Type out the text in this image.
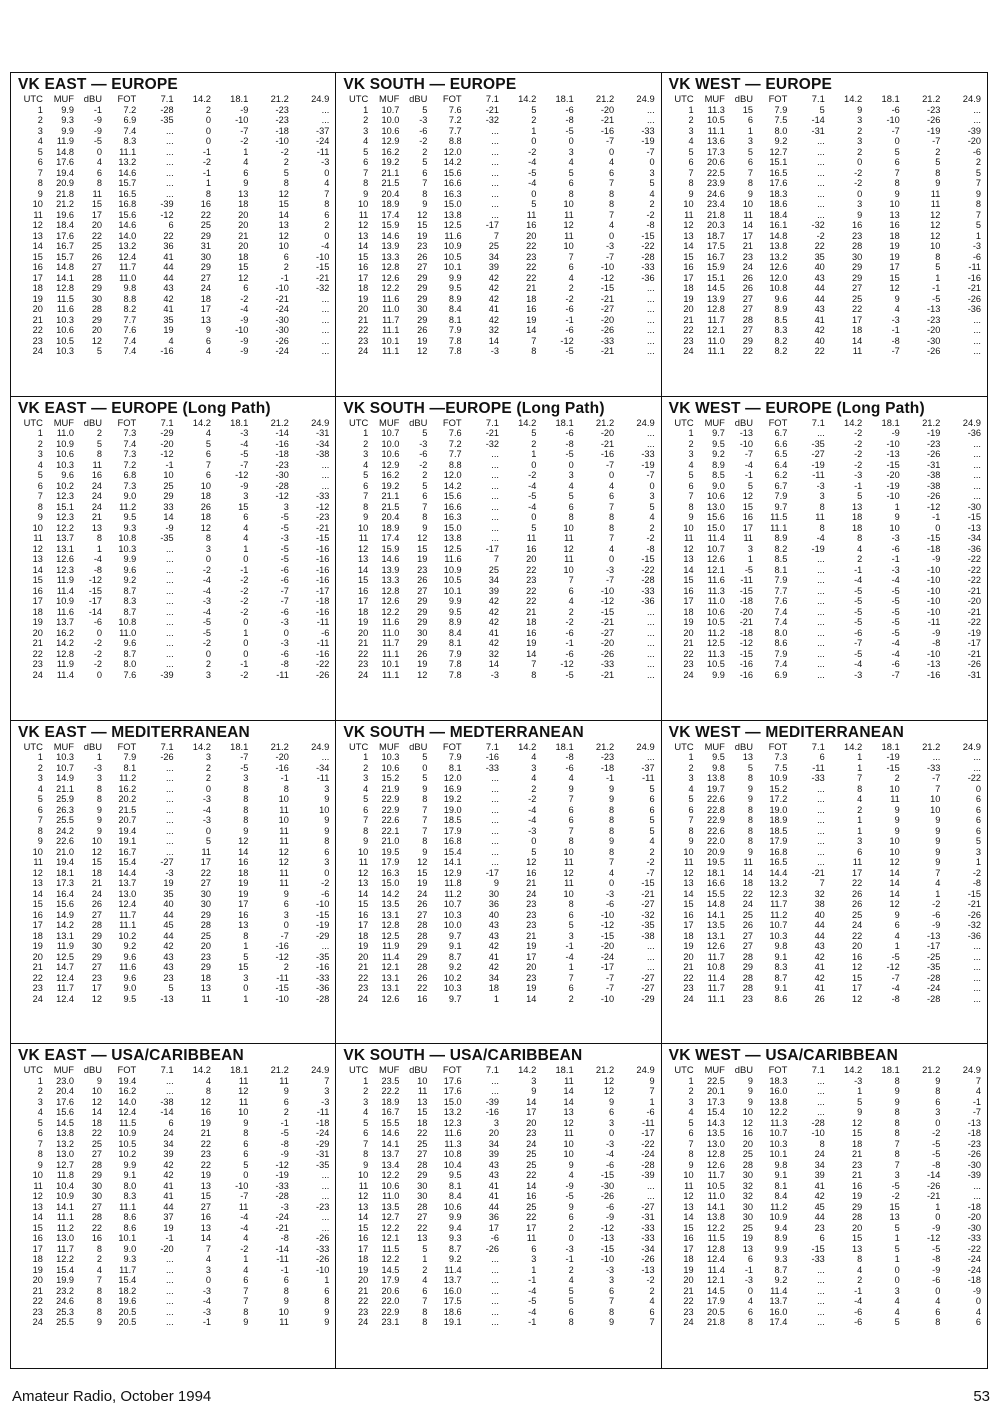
VK EAST — EUROPE
UTC	MUF	dBU	FOT	7.1	14.2	18.1	21.2	24.9
1	9.9	-1	7.2	-28	2	-9	-23	...
2	9.3	-9	6.9	-35	0	-10	-23	...
3	9.9	-9	7.4	...	0	-7	-18	-37
4	11.9	-5	8.3	...	0	-2	-10	-24
5	14.8	0	11.1	...	-1	1	-2	-11
6	17.6	4	13.2	...	-2	4	2	-3
7	19.4	6	14.6	...	-1	6	5	0
8	20.9	8	15.7	...	1	9	8	4
9	21.8	11	16.5	...	8	13	12	7
10	21.2	15	16.8	-39	16	18	15	8
11	19.6	17	15.6	-12	22	20	14	6
12	18.4	20	14.6	6	25	20	13	2
13	17.6	22	14.0	22	29	21	12	0
14	16.7	25	13.2	36	31	20	10	-4
15	15.7	26	12.4	41	30	18	6	-10
16	14.8	27	11.7	44	29	15	2	-15
17	14.1	28	11.0	44	27	12	-1	-21
18	12.8	29	9.8	43	24	6	-10	-32
19	11.5	30	8.8	42	18	-2	-21	...
20	11.6	28	8.2	41	17	-4	-24	...
21	10.3	29	7.7	35	13	-9	-30	...
22	10.6	20	7.6	19	9	-10	-30	...
23	10.5	12	7.4	4	6	-9	-26	...
24	10.3	5	7.4	-16	4	-9	-24	...
VK SOUTH — EUROPE
UTC	MUF	dBU	FOT	7.1	14.2	18.1	21.2	24.9
1	10.7	5	7.6	-21	5	-6	-20	...
2	10.0	-3	7.2	-32	2	-8	-21	...
3	10.6	-6	7.7	...	1	-5	-16	-33
4	12.9	-2	8.8	...	0	0	-7	-19
5	16.2	2	12.0	...	-2	3	0	-7
6	19.2	5	14.2	...	-4	4	4	0
7	21.1	6	15.6	...	-5	5	6	3
8	21.5	7	16.6	...	-4	6	7	5
9	20.4	8	16.3	...	0	8	8	4
10	18.9	9	15.0	...	5	10	8	2
11	17.4	12	13.8	...	11	11	7	-2
12	15.9	15	12.5	-17	16	12	4	-8
13	14.6	19	11.6	7	20	11	0	-15
14	13.9	23	10.9	25	22	10	-3	-22
15	13.3	26	10.5	34	23	7	-7	-28
16	12.8	27	10.1	39	22	6	-10	-33
17	12.6	29	9.9	42	22	4	-12	-36
18	12.2	29	9.5	42	21	2	-15	...
19	11.6	29	8.9	42	18	-2	-21	...
20	11.0	30	8.4	41	16	-6	-27	...
21	11.7	29	8.1	42	19	-1	-20	...
22	11.1	26	7.9	32	14	-6	-26	...
23	10.1	19	7.8	14	7	-12	-33	...
24	11.1	12	7.8	-3	8	-5	-21	...
VK WEST — EUROPE
UTC	MUF	dBU	FOT	7.1	14.2	18.1	21.2	24.9
1	11.3	15	7.9	5	9	-6	-23	...
2	10.5	6	7.5	-14	3	-10	-26	...
3	11.1	1	8.0	-31	2	-7	-19	-39
4	13.6	3	9.2	...	3	0	-7	-20
5	17.3	5	12.7	...	2	5	2	-6
6	20.6	6	15.1	...	0	6	5	2
7	22.5	7	16.5	...	-2	7	8	5
8	23.9	8	17.6	...	-2	8	9	7
9	24.6	9	18.3	...	0	9	11	9
10	23.4	10	18.6	...	3	10	11	8
11	21.8	11	18.4	...	9	13	12	7
12	20.3	14	16.1	-32	16	16	12	5
13	18.7	17	14.8	-2	23	18	12	1
14	17.5	21	13.8	22	28	19	10	-3
15	16.7	23	13.2	35	30	19	8	-6
16	15.9	24	12.6	40	29	17	5	-11
17	15.1	26	12.0	43	29	15	1	-16
18	14.5	26	10.8	44	27	12	-1	-21
19	13.9	27	9.6	44	25	9	-5	-26
20	12.8	27	8.9	43	22	4	-13	-36
21	11.7	28	8.5	41	17	-3	-23	...
22	12.1	27	8.3	42	18	-1	-20	...
23	11.0	29	8.2	40	14	-8	-30	...
24	11.1	22	8.2	22	11	-7	-26	...
VK EAST — EUROPE (Long Path)
UTC	MUF	dBU	FOT	7.1	14.2	18.1	21.2	24.9
1	11.0	2	7.3	-29	4	-3	-14	-31
2	10.9	5	7.4	-20	5	-4	-16	-34
3	10.6	8	7.3	-12	6	-5	-18	-38
4	10.3	11	7.2	-1	7	-7	-23	...
5	9.6	16	6.8	10	6	-12	-30	...
6	10.2	24	7.3	25	10	-9	-28	...
7	12.3	24	9.0	29	18	3	-12	-33
8	15.1	24	11.2	33	26	15	3	-12
9	12.3	21	9.5	14	18	6	-5	-23
10	12.2	13	9.3	-9	12	4	-5	-21
11	13.7	8	10.8	-35	8	4	-3	-15
12	13.1	1	10.3	...	3	1	-5	-16
13	12.6	-4	9.9	...	0	0	-5	-16
14	12.3	-8	9.6	...	-2	-1	-6	-16
15	11.9	-12	9.2	...	-4	-2	-6	-16
16	11.4	-15	8.7	...	-4	-2	-7	-17
17	10.9	-17	8.3	...	-3	-2	-7	-18
18	11.6	-14	8.7	...	-4	-2	-6	-16
19	13.7	-6	10.8	...	-5	0	-3	-11
20	16.2	0	11.0	...	-5	1	0	-6
21	14.2	-2	9.6	...	-2	0	-3	-11
22	12.8	-2	8.7	...	0	0	-6	-16
23	11.9	-2	8.0	...	2	-1	-8	-22
24	11.4	0	7.6	-39	3	-2	-11	-26
VK SOUTH —EUROPE (Long Path)
UTC	MUF	dBU	FOT	7.1	14.2	18.1	21.2	24.9
1	10.7	5	7.6	-21	5	-6	-20	...
2	10.0	-3	7.2	-32	2	-8	-21	...
3	10.6	-6	7.7	...	1	-5	-16	-33
4	12.9	-2	8.8	...	0	0	-7	-19
5	16.2	2	12.0	...	-2	3	0	-7
6	19.2	5	14.2	...	-4	4	4	0
7	21.1	6	15.6	...	-5	5	6	3
8	21.5	7	16.6	...	-4	6	7	5
9	20.4	8	16.3	...	0	8	8	4
10	18.9	9	15.0	...	5	10	8	2
11	17.4	12	13.8	...	11	11	7	-2
12	15.9	15	12.5	-17	16	12	4	-8
13	14.6	19	11.6	7	20	11	0	-15
14	13.9	23	10.9	25	22	10	-3	-22
15	13.3	26	10.5	34	23	7	-7	-28
16	12.8	27	10.1	39	22	6	-10	-33
17	12.6	29	9.9	42	22	4	-12	-36
18	12.2	29	9.5	42	21	2	-15	...
19	11.6	29	8.9	42	18	-2	-21	...
20	11.0	30	8.4	41	16	-6	-27	...
21	11.7	29	8.1	42	19	-1	-20	...
22	11.1	26	7.9	32	14	-6	-26	...
23	10.1	19	7.8	14	7	-12	-33	...
24	11.1	12	7.8	-3	8	-5	-21	...
VK WEST — EUROPE (Long Path)
UTC	MUF	dBU	FOT	7.1	14.2	18.1	21.2	24.9
1	9.7	-13	6.7	...	-2	-9	-19	-36
2	9.5	-10	6.6	-35	-2	-10	-23	...
3	9.2	-7	6.5	-27	-2	-13	-26	...
4	8.9	-4	6.4	-19	-2	-15	-31	...
5	8.5	-1	6.2	-11	-3	-20	-38	...
6	9.0	5	6.7	-3	-1	-19	-38	...
7	10.6	12	7.9	3	5	-10	-26	...
8	13.0	15	9.7	8	13	1	-12	-30
9	15.6	16	11.5	11	18	9	-1	-15
10	15.0	17	11.1	8	18	10	0	-13
11	11.4	11	8.9	-4	8	-3	-15	-34
12	10.7	3	8.2	-19	4	-6	-18	-36
13	12.6	1	8.5	...	2	-1	-9	-22
14	12.1	-5	8.1	...	-1	-3	-10	-22
15	11.6	-11	7.9	...	-4	-4	-10	-22
16	11.3	-15	7.7	...	-5	-5	-10	-21
17	11.0	-18	7.6	...	-5	-5	-10	-20
18	10.6	-20	7.4	...	-5	-5	-10	-21
19	10.5	-21	7.4	...	-5	-5	-11	-22
20	11.2	-18	8.0	...	-6	-5	-9	-19
21	12.5	-12	8.6	...	-7	-4	-8	-17
22	11.3	-15	7.9	...	-5	-4	-10	-21
23	10.5	-16	7.4	...	-4	-6	-13	-26
24	9.9	-16	6.9	...	-3	-7	-16	-31
VK EAST — MEDITERRANEAN
UTC	MUF	dBU	FOT	7.1	14.2	18.1	21.2	24.9
1	10.3	1	7.9	-26	3	-7	-20	...
2	10.7	-3	8.1	...	2	-5	-16	-34
3	14.9	3	11.2	...	2	3	-1	-11
4	21.1	8	16.2	...	0	8	8	3
5	25.9	8	20.2	...	-3	8	10	9
6	26.3	9	21.5	...	-4	8	11	10
7	25.5	9	20.7	...	-3	8	10	9
8	24.2	9	19.4	...	0	9	11	9
9	22.6	10	19.1	...	5	12	11	8
10	21.0	12	16.7	...	11	14	12	6
11	19.4	15	15.4	-27	17	16	12	3
12	18.1	18	14.4	-3	22	18	11	0
13	17.3	21	13.7	19	27	19	11	-2
14	16.4	24	13.0	35	30	19	9	-6
15	15.6	26	12.4	40	30	17	6	-10
16	14.9	27	11.7	44	29	16	3	-15
17	14.2	28	11.1	45	28	13	0	-19
18	13.1	29	10.2	44	25	8	-7	-29
19	11.9	30	9.2	42	20	1	-16	...
20	12.5	29	9.6	43	23	5	-12	-35
21	14.7	27	11.6	43	29	15	2	-16
22	12.4	23	9.6	23	18	3	-11	-33
23	11.7	17	9.0	5	13	0	-15	-36
24	12.4	12	9.5	-13	11	1	-10	-28
VK SOUTH — MEDTERRANEAN
UTC	MUF	dBU	FOT	7.1	14.2	18.1	21.2	24.9
1	10.3	5	7.9	-16	4	-8	-23	...
2	10.6	0	8.1	-33	3	-6	-18	-37
3	15.2	5	12.0	...	4	4	-1	-11
4	21.9	9	16.9	...	2	9	9	5
5	22.9	8	19.2	...	-2	7	9	6
6	22.9	7	19.0	...	-4	6	8	6
7	22.6	7	18.5	...	-4	6	8	5
8	22.1	7	17.9	...	-3	7	8	5
9	21.0	8	16.8	...	0	8	9	4
10	19.5	9	15.4	...	5	10	8	2
11	17.9	12	14.1	...	12	11	7	-2
12	16.3	15	12.9	-17	16	12	4	-7
13	15.0	19	11.8	9	21	11	0	-15
14	14.2	24	11.2	30	24	10	-3	-21
15	13.5	26	10.7	36	23	8	-6	-27
16	13.1	27	10.3	40	23	6	-10	-32
17	12.8	28	10.0	43	23	5	-12	-35
18	12.5	28	9.7	43	21	3	-15	-38
19	11.9	29	9.1	42	19	-1	-20	...
20	11.4	29	8.7	41	17	-4	-24	...
21	12.1	28	9.2	42	20	1	-17	...
22	13.1	26	10.2	34	23	7	-7	-27
23	13.1	22	10.3	18	19	6	-7	-27
24	12.6	16	9.7	1	14	2	-10	-29
VK WEST — MEDITERRANEAN
UTC	MUF	dBU	FOT	7.1	14.2	18.1	21.2	24.9
1	9.5	13	7.3	6	1	-19	...	...
2	9.8	5	7.5	-11	1	-15	-33	...
3	13.8	8	10.9	-33	7	2	-7	-22
4	19.7	9	15.2	...	8	10	7	0
5	22.6	9	17.2	...	4	11	10	6
6	22.8	8	19.0	...	2	9	10	6
7	22.9	8	18.9	...	1	9	9	6
8	22.6	8	18.5	...	1	9	9	6
9	22.0	8	17.9	...	3	10	9	5
10	20.9	9	16.8	...	6	10	9	3
11	19.5	11	16.5	...	11	12	9	1
12	18.1	14	14.4	-21	17	14	7	-2
13	16.6	18	13.2	7	22	14	4	-8
14	15.5	22	12.3	32	26	14	1	-15
15	14.8	24	11.7	38	26	12	-2	-21
16	14.1	25	11.2	40	25	9	-6	-26
17	13.5	26	10.7	44	24	6	-9	-32
18	13.1	27	10.3	44	22	4	-13	-36
19	12.6	27	9.8	43	20	1	-17	...
20	11.7	28	9.1	42	16	-5	-25	...
21	10.8	29	8.3	41	12	-12	-35	...
22	11.4	28	8.7	42	15	-7	-28	...
23	11.7	28	9.1	41	17	-4	-24	...
24	11.1	23	8.6	26	12	-8	-28	...
VK EAST — USA/CARIBBEAN
UTC	MUF	dBU	FOT	7.1	14.2	18.1	21.2	24.9
1	23.0	9	19.4	...	4	11	11	7
2	20.4	10	16.2	...	8	12	9	3
3	17.6	12	14.0	-38	12	11	6	-3
4	15.6	14	12.4	-14	16	10	2	-11
5	14.5	18	11.5	6	19	9	-1	-18
6	13.8	22	10.9	24	21	8	-5	-24
7	13.2	25	10.5	34	22	6	-8	-29
8	13.0	27	10.2	39	23	6	-9	-31
9	12.7	28	9.9	42	22	5	-12	-35
10	11.8	29	9.1	42	19	0	-19	...
11	10.4	30	8.0	41	13	-10	-33	...
12	10.9	30	8.3	41	15	-7	-28	...
13	14.1	27	11.1	44	27	11	-3	-23
14	11.1	28	8.6	37	16	-4	-24	...
15	11.2	22	8.6	19	13	-4	-21	...
16	13.0	16	10.1	-1	14	4	-8	-26
17	11.7	8	9.0	-20	7	-2	-14	-33
18	12.2	2	9.3	...	4	1	-11	-26
19	15.4	4	11.7	...	3	4	-1	-10
20	19.9	7	15.4	...	0	6	6	1
21	23.2	8	18.2	...	-3	7	8	6
22	24.6	8	19.6	...	-4	7	9	8
23	25.3	8	20.5	...	-3	8	10	9
24	25.5	9	20.5	...	-1	9	11	9
VK SOUTH — USA/CARIBBEAN
UTC	MUF	dBU	FOT	7.1	14.2	18.1	21.2	24.9
1	23.5	10	17.6	...	3	11	12	9
2	22.2	11	17.6	...	9	14	12	7
3	18.9	13	15.0	-39	14	14	9	1
4	16.7	15	13.2	-16	17	13	6	-6
5	15.5	18	12.3	3	20	12	3	-11
6	14.6	22	11.6	20	23	11	0	-17
7	14.1	25	11.3	34	24	10	-3	-22
8	13.7	27	10.8	39	25	10	-4	-24
9	13.4	28	10.4	43	25	9	-6	-28
10	12.2	29	9.5	43	22	4	-15	-39
11	10.6	30	8.1	41	14	-9	-30	...
12	11.0	30	8.4	41	16	-5	-26	...
13	13.5	28	10.6	44	25	9	-6	-27
14	12.7	27	9.9	36	22	6	-9	-31
15	12.2	22	9.4	17	17	2	-12	-33
16	12.1	13	9.3	-6	11	0	-13	-33
17	11.5	5	8.7	-26	6	-3	-15	-34
18	12.2	1	9.2	...	3	-1	-10	-26
19	14.5	2	11.4	...	1	2	-3	-13
20	17.9	4	13.7	...	-1	4	3	-2
21	20.6	6	16.0	...	-4	5	6	2
22	22.0	7	17.5	...	-5	5	7	4
23	22.9	8	18.6	...	-4	6	8	6
24	23.1	8	19.1	...	-1	8	9	7
VK WEST — USA/CARIBBEAN
UTC	MUF	dBU	FOT	7.1	14.2	18.1	21.2	24.9
1	22.5	9	18.3	...	-3	8	9	7
2	20.1	9	16.0	...	1	9	8	4
3	17.3	9	13.8	...	5	9	6	-1
4	15.4	10	12.2	...	9	8	3	-7
5	14.3	12	11.3	-28	12	8	0	-13
6	13.5	16	10.7	-10	15	8	-2	-18
7	13.0	20	10.3	8	18	7	-5	-23
8	12.8	25	10.1	24	21	8	-5	-26
9	12.6	28	9.8	34	23	7	-8	-30
10	11.7	30	9.1	39	21	3	-14	-39
11	10.5	32	8.1	41	16	-5	-26	...
12	11.0	32	8.4	42	19	-2	-21	...
13	14.1	30	11.2	45	29	15	1	-18
14	13.8	30	10.9	44	28	13	0	-20
15	12.2	25	9.4	23	20	5	-9	-30
16	11.5	19	8.9	6	15	1	-12	-33
17	12.8	13	9.9	-15	13	5	-5	-22
18	12.4	6	9.3	-33	8	1	-8	-24
19	11.4	-1	8.7	...	4	0	-9	-24
20	12.1	-3	9.2	...	2	0	-6	-18
21	14.5	0	11.4	...	-1	3	0	-9
22	17.9	4	13.7	...	-4	4	4	0
23	20.5	6	16.0	...	-6	4	6	4
24	21.8	8	17.4	...	-6	5	8	6
Amateur Radio, October 1994	53
